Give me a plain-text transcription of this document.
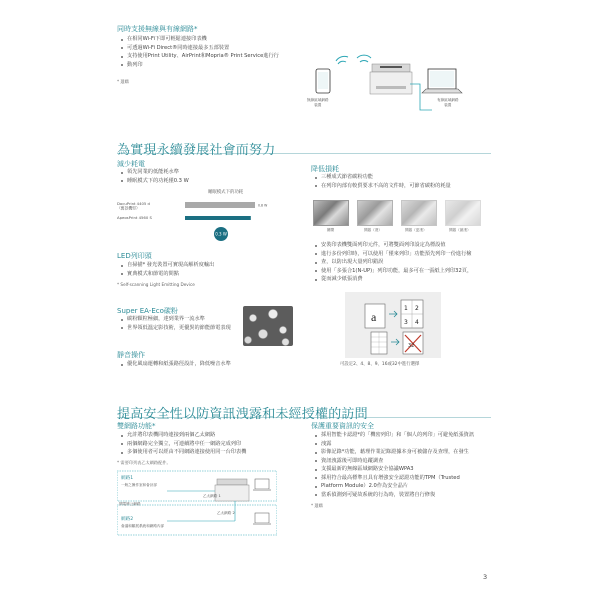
同時支援無線與有線網路*
在相同Wi-Fi下即可輕鬆連接印表機
可透過Wi-Fi Direct®同時連接最多五部裝置
支持使用Print Utility、AirPrint和Mopria® Print Service進行行
動列印
* 選購
無線區域網路
裝置
有線區域網路
裝置
為實現永續發展社會而努力
減少耗電
領先同業的低能耗水準
睡眠模式下的功耗僅0.3 W
睡眠模式下的功耗
DocuPrint 4405 d
（舊款機型）	0.8 W
ApeosPrint 4560 S
0.3 W
LED列印頭
自掃描* 發光裝置可實現高解析度輸出
實典模式和節電的問點
* Self-scanning Light Emitting Device
Super EA-Eco碳粉
碳粉顆粒極細，達到業界一流水準
世界領低溫定影技術，更優異的節能節電表現
靜音操作
優化風扇運轉和紙張路徑設計，降低噪音水準
降低損耗
三種成式節省碳粉功能
在列印內部有較貿要求不高的文件時，可節省碳粉的耗量
關閉	開啟（淺）	開啟（更淺）	開啟（最淺）
安裝印表機雙面列印元件，可將雙面列印設定為標設值
進行多份列印時，可以使用「僅來列印」功能預先列印一份進行檢
查，以防出現大量列印錯誤
使用「多張合1(N-UP)」列印功能，最多可在一張紙上列印32頁，
從而減少紙張消費
a
1 2
3 4
32
可設定2、4、8、9、16或32中進行選擇
提高安全性以防資訊洩露和未經授權的訪問
雙網路功能*
允許將印表機同時連接到兩個乙太網路
兩個網路完全獨立，可連續將中任一網路完成列印
多個使用者可以經由不同網路連接使用同一台印表機
* 需要印列表乙太網路配件。
網路1
一般之操作室和會計部
乙太網路 1
開電辨公網路
乙太網路 2
網路2
會議和顧展系統和網路內部
保護重要資訊的安全
採用智能卡認證*的「機密列印」和「個人的列印」可避免紙張資訊
洩露
影像記錄*功能，藉理作業記錄證據本身可被儲存及查理，在發生
資訊洩露後可即時追蹤調查
支援最新的無線區域網路安全協議WPA3
採用符合最高標準且具有增強安全認證功能的TPM（Trusted
Platform Module）2.0作為安全晶片
當系偵測到可疑故系統的行為時，裝置將自行修復
* 選購
3
